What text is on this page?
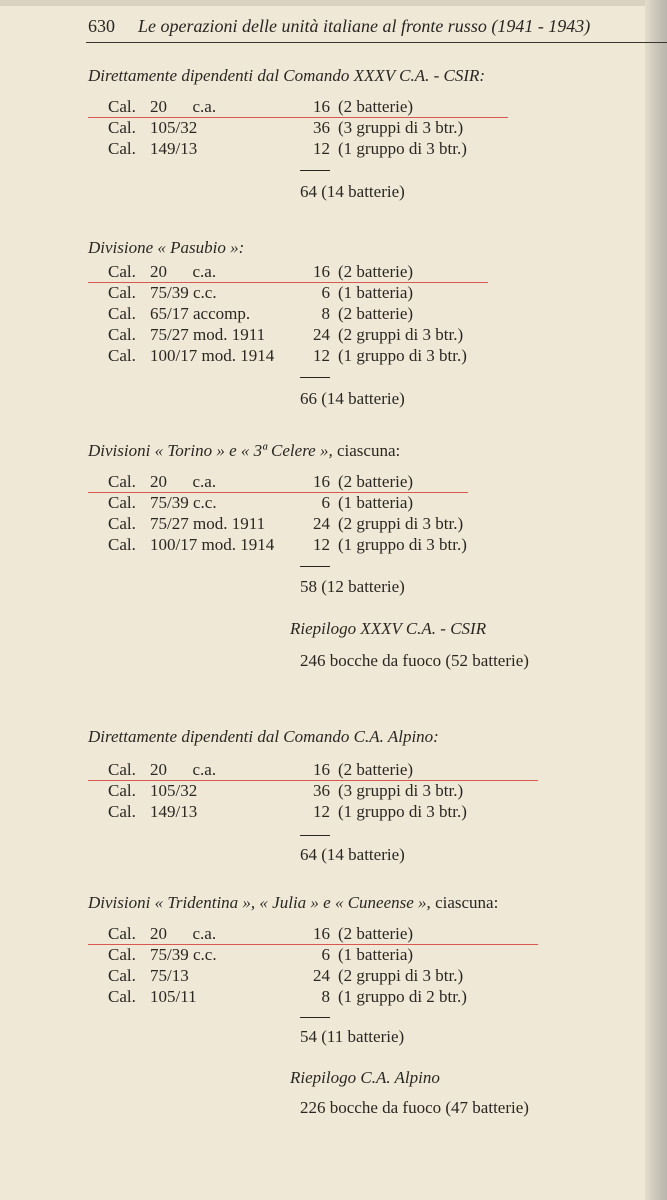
630 Le operazioni delle unità italiane al fronte russo (1941 - 1943)
Direttamente dipendenti dal Comando XXXV C.A. - CSIR:
Cal. 20      c.a.	16 (2 batterie)
Cal. 105/32	36 (3 gruppi di 3 btr.)
Cal. 149/13	12 (1 gruppo di 3 btr.)
64 (14 batterie)
Divisione « Pasubio »:
Cal. 20      c.a.	16 (2 batterie)
Cal. 75/39 c.c.	6 (1 batteria)
Cal. 65/17 accomp.	8 (2 batterie)
Cal. 75/27 mod. 1911	24 (2 gruppi di 3 btr.)
Cal. 100/17 mod. 1914	12 (1 gruppo di 3 btr.)
66 (14 batterie)
Divisioni « Torino » e « 3ª Celere », ciascuna:
Cal. 20      c.a.	16 (2 batterie)
Cal. 75/39 c.c.	6 (1 batteria)
Cal. 75/27 mod. 1911	24 (2 gruppi di 3 btr.)
Cal. 100/17 mod. 1914	12 (1 gruppo di 3 btr.)
58 (12 batterie)
Riepilogo XXXV C.A. - CSIR
246 bocche da fuoco (52 batterie)
Direttamente dipendenti dal Comando C.A. Alpino:
Cal. 20      c.a.	16 (2 batterie)
Cal. 105/32	36 (3 gruppi di 3 btr.)
Cal. 149/13	12 (1 gruppo di 3 btr.)
64 (14 batterie)
Divisioni « Tridentina », « Julia » e « Cuneense », ciascuna:
Cal. 20      c.a.	16 (2 batterie)
Cal. 75/39 c.c.	6 (1 batteria)
Cal. 75/13	24 (2 gruppi di 3 btr.)
Cal. 105/11	8 (1 gruppo di 2 btr.)
54 (11 batterie)
Riepilogo C.A. Alpino
226 bocche da fuoco (47 batterie)
